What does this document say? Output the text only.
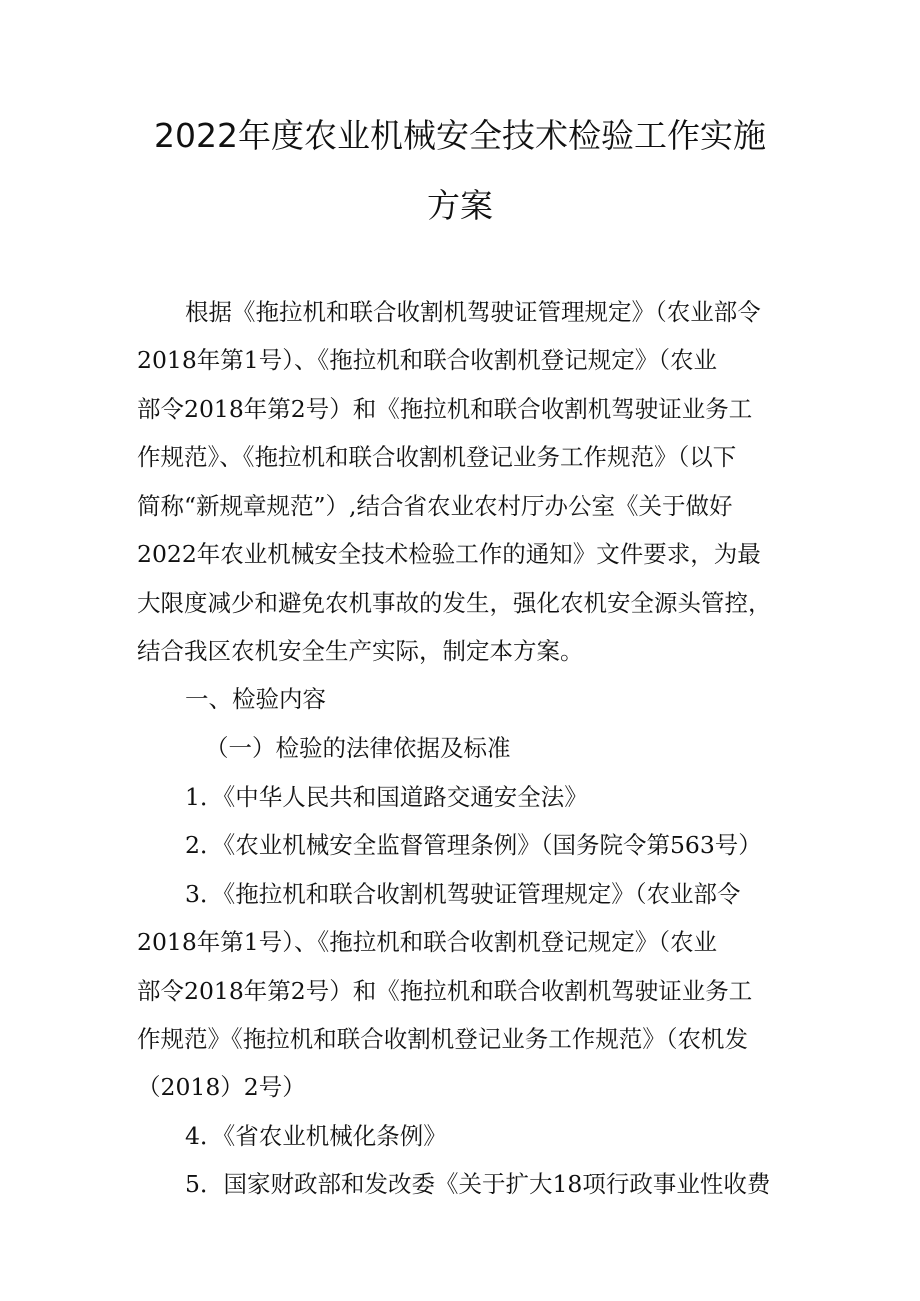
2022年度农业机械安全技术检验工作实施
方案

根据《拖拉机和联合收割机驾驶证管理规定》（农业部令

2018年第1号）、《拖拉机和联合收割机登记规定》（农业

部令2018年第2号）和《拖拉机和联合收割机驾驶证业务工

作规范》、《拖拉机和联合收割机登记业务工作规范》（以下

简称“新规章规范”）,结合省农业农村厅办公室《关于做好

2022年农业机械安全技术检验工作的通知》文件要求，为最

大限度减少和避免农机事故的发生，强化农机安全源头管控，

结合我区农机安全生产实际，制定本方案。

一、检验内容

（一）检验的法律依据及标准

1．《中华人民共和国道路交通安全法》

2．《农业机械安全监督管理条例》（国务院令第563号）

3．《拖拉机和联合收割机驾驶证管理规定》（农业部令

2018年第1号）、《拖拉机和联合收割机登记规定》（农业

部令2018年第2号）和《拖拉机和联合收割机驾驶证业务工

作规范》《拖拉机和联合收割机登记业务工作规范》（农机发

（2018）2号）

4．《省农业机械化条例》

5．国家财政部和发改委《关于扩大18项行政事业性收费
